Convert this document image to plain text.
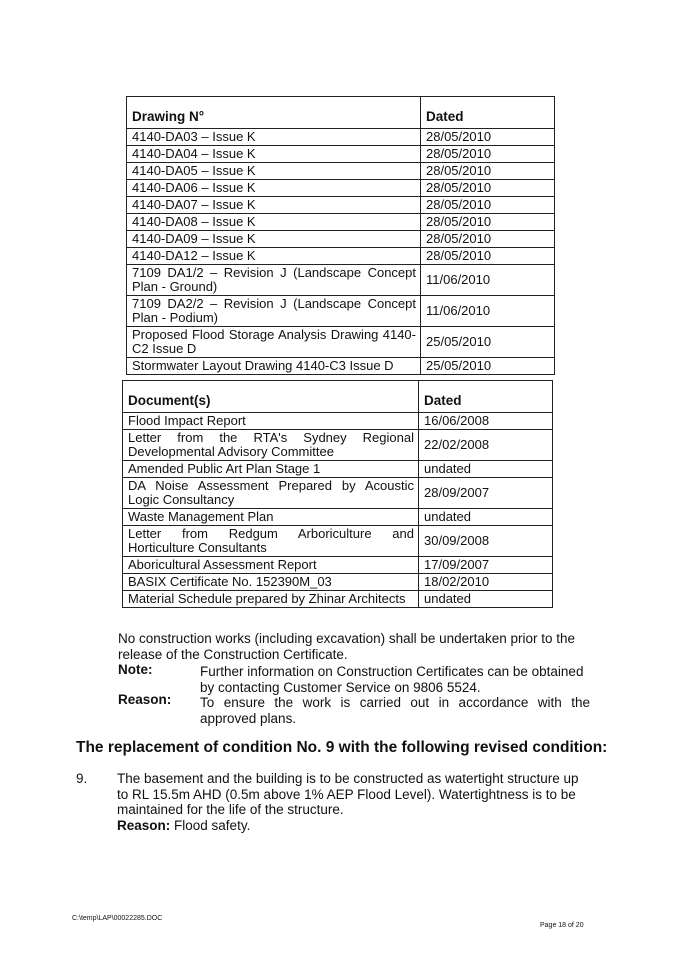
Drawing N°	Dated
4140-DA03 – Issue K	28/05/2010
4140-DA04 – Issue K	28/05/2010
4140-DA05 – Issue K	28/05/2010
4140-DA06 – Issue K	28/05/2010
4140-DA07 – Issue K	28/05/2010
4140-DA08 – Issue K	28/05/2010
4140-DA09 – Issue K	28/05/2010
4140-DA12 – Issue K	28/05/2010
7109 DA1/2 – Revision J (Landscape Concept Plan - Ground)	11/06/2010
7109 DA2/2 – Revision J (Landscape Concept Plan - Podium)	11/06/2010
Proposed Flood Storage Analysis Drawing 4140-C2 Issue D	25/05/2010
Stormwater Layout Drawing 4140-C3 Issue D	25/05/2010
Document(s)	Dated
Flood Impact Report	16/06/2008
Letter from the RTA's Sydney Regional Developmental Advisory Committee	22/02/2008
Amended Public Art Plan Stage 1	undated
DA Noise Assessment Prepared by Acoustic Logic Consultancy	28/09/2007
Waste Management Plan	undated
Letter from Redgum Arboriculture and Horticulture Consultants	30/09/2008
Aboricultural Assessment Report	17/09/2007
BASIX Certificate No. 152390M_03	18/02/2010
Material Schedule prepared by Zhinar Architects	undated
No construction works (including excavation) shall be undertaken prior to the release of the Construction Certificate.
Note:	Further information on Construction Certificates can be obtained by contacting Customer Service on 9806 5524.
Reason: To ensure the work is carried out in accordance with the approved plans.
The replacement of condition No. 9 with the following revised condition:
9. The basement and the building is to be constructed as watertight structure up to RL 15.5m AHD (0.5m above 1% AEP Flood Level). Watertightness is to be maintained for the life of the structure.
Reason: Flood safety.
C:\temp\LAP\00022285.DOC
Page 18 of 20
